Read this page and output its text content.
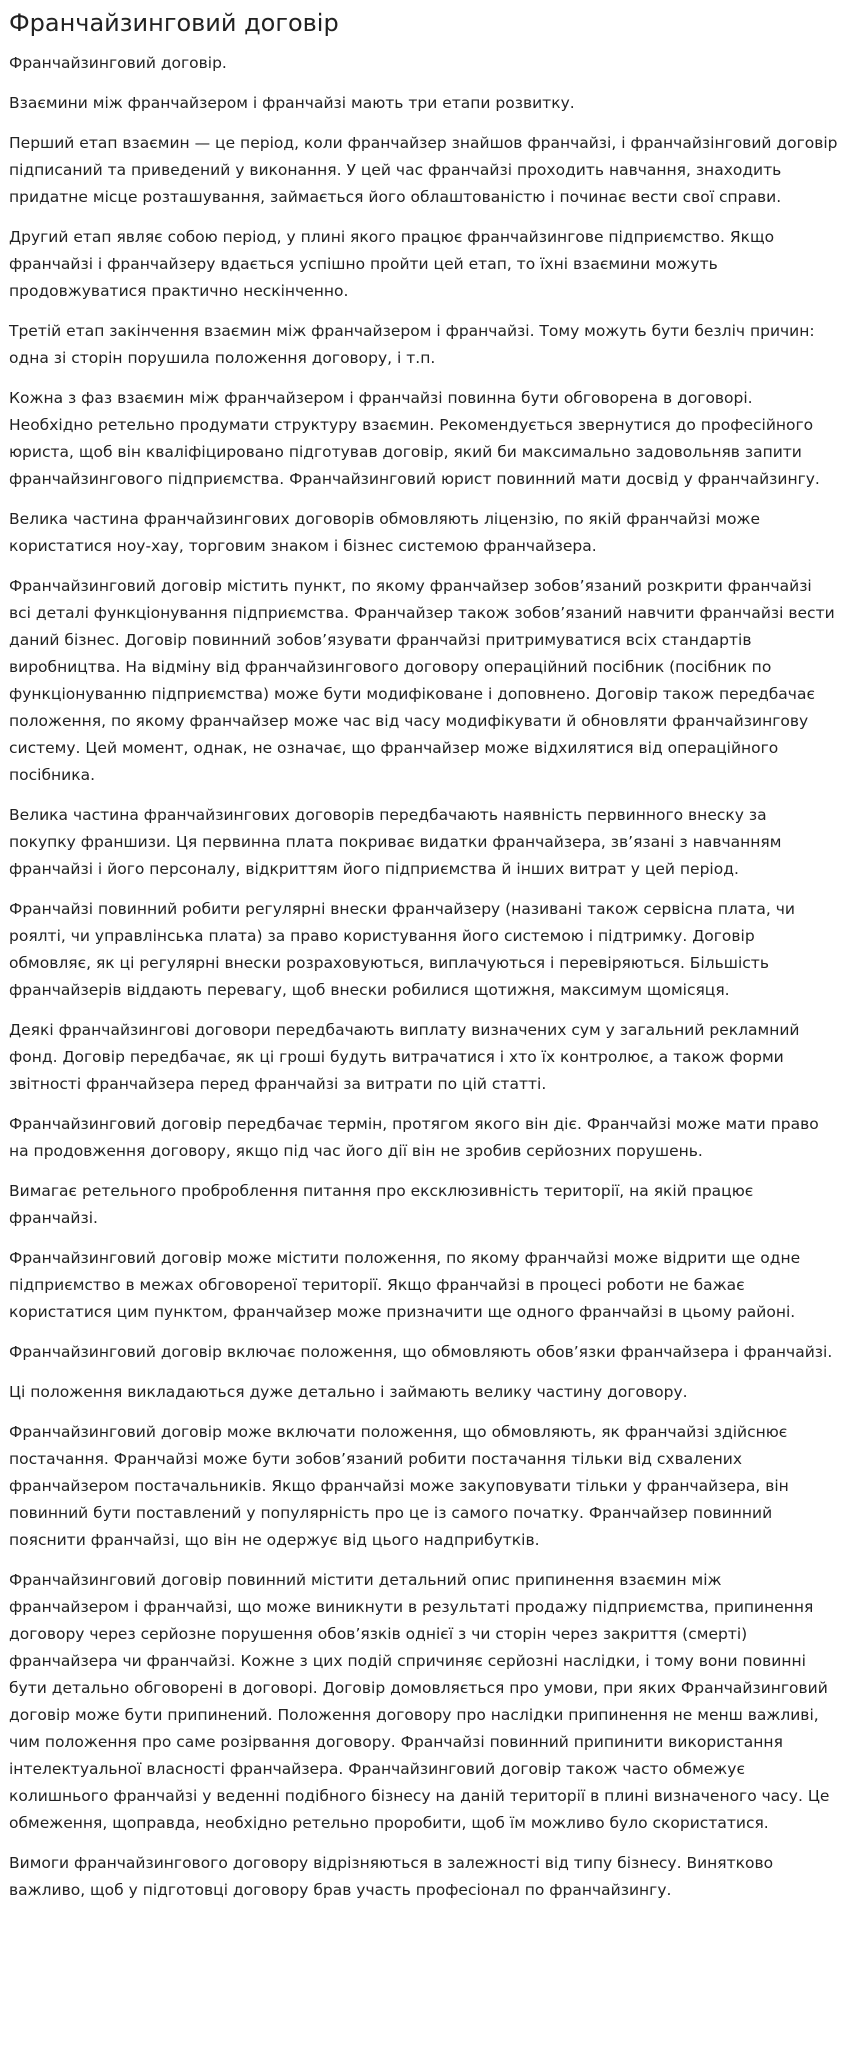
Франчайзинговий договір

Франчайзинговий договір.

Взаємини між франчайзером і франчайзі мають три етапи розвитку.

Перший етап взаємин — це період, коли франчайзер знайшов франчайзі, і франчайзінговий договір підписаний та приведений у виконання. У цей час франчайзі проходить навчання, знаходить придатне місце розташування, займається його облаштованістю і починає вести свої справи.

Другий етап являє собою період, у плині якого працює франчайзингове підприємство. Якщо франчайзі і франчайзеру вдається успішно пройти цей етап, то їхні взаємини можуть продовжуватися практично нескінченно.

Третій етап закінчення взаємин між франчайзером і франчайзі. Тому можуть бути безліч причин: одна зі сторін порушила положення договору, і т.п.

Кожна з фаз взаємин між франчайзером і франчайзі повинна бути обговорена в договорі. Необхідно ретельно продумати структуру взаємин. Рекомендується звернутися до професійного юриста, щоб він кваліфіцировано підготував договір, який би максимально задовольняв запити франчайзингового підприємства. Франчайзинговий юрист повинний мати досвід у франчайзингу.

Велика частина франчайзингових договорів обмовляють ліцензію, по якій франчайзі може користатися ноу-хау, торговим знаком і бізнес системою франчайзера.

Франчайзинговий договір містить пункт, по якому франчайзер зобов’язаний розкрити франчайзі всі деталі функціонування підприємства. Франчайзер також зобов’язаний навчити франчайзі вести даний бізнес. Договір повинний зобов’язувати франчайзі притримуватися всіх стандартів виробництва. На відміну від франчайзингового договору операційний посібник (посібник по функціонуванню підприємства) може бути модифіковане і доповнено. Договір також передбачає положення, по якому франчайзер може час від часу модифікувати й обновляти франчайзингову систему. Цей момент, однак, не означає, що франчайзер може відхилятися від операційного посібника.

Велика частина франчайзингових договорів передбачають наявність первинного внеску за покупку франшизи. Ця первинна плата покриває видатки франчайзера, зв’язані з навчанням франчайзі і його персоналу, відкриттям його підприємства й інших витрат у цей період.

Франчайзі повинний робити регулярні внески франчайзеру (називані також сервісна плата, чи роялті, чи управлінська плата) за право користування його системою і підтримку. Договір обмовляє, як ці регулярні внески розраховуються, виплачуються і перевіряються. Більшість франчайзерів віддають перевагу, щоб внески робилися щотижня, максимум щомісяця.

Деякі франчайзингові договори передбачають виплату визначених сум у загальний рекламний фонд. Договір передбачає, як ці гроші будуть витрачатися і хто їх контролює, а також форми звітності франчайзера перед франчайзі за витрати по цій статті.

Франчайзинговий договір передбачає термін, протягом якого він діє. Франчайзі може мати право на продовження договору, якщо під час його дії він не зробив серйозних порушень.

Вимагає ретельного проброблення питання про ексклюзивність території, на якій працює франчайзі.

Франчайзинговий договір може містити положення, по якому франчайзі може відрити ще одне підприємство в межах обговореної території. Якщо франчайзі в процесі роботи не бажає користатися цим пунктом, франчайзер може призначити ще одного франчайзі в цьому районі.

Франчайзинговий договір включає положення, що обмовляють обов’язки франчайзера і франчайзі.

Ці положення викладаються дуже детально і займають велику частину договору.

Франчайзинговий договір може включати положення, що обмовляють, як франчайзі здійснює постачання. Франчайзі може бути зобов’язаний робити постачання тільки від схвалених франчайзером постачальників. Якщо франчайзі може закуповувати тільки у франчайзера, він повинний бути поставлений у популярність про це із самого початку. Франчайзер повинний пояснити франчайзі, що він не одержує від цього надприбутків.

Франчайзинговий договір повинний містити детальний опис припинення взаємин між франчайзером і франчайзі, що може виникнути в результаті продажу підприємства, припинення договору через серйозне порушення обов’язків однієї з чи сторін через закриття (смерті) франчайзера чи франчайзі. Кожне з цих подій спричиняє серйозні наслідки, і тому вони повинні бути детально обговорені в договорі. Договір домовляється про умови, при яких Франчайзинговий договір може бути припинений. Положення договору про наслідки припинення не менш важливі, чим положення про саме розірвання договору. Франчайзі повинний припинити використання інтелектуальної власності франчайзера. Франчайзинговий договір також часто обмежує колишнього франчайзі у веденні подібного бізнесу на даній території в плині визначеного часу. Це обмеження, щоправда, необхідно ретельно проробити, щоб їм можливо було скористатися.

Вимоги франчайзингового договору відрізняються в залежності від типу бізнесу. Винятково важливо, щоб у підготовці договору брав участь професіонал по франчайзингу.
